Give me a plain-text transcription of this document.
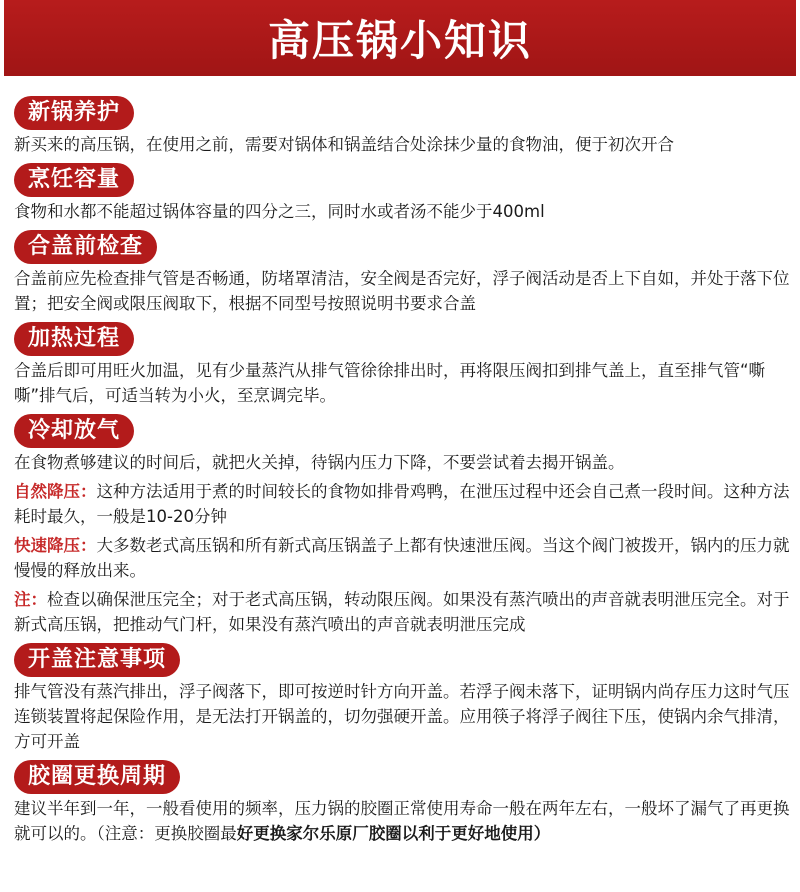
高压锅小知识
新锅养护

新买来的高压锅，在使用之前，需要对锅体和锅盖结合处涂抹少量的食物油，便于初次开合

烹饪容量

食物和水都不能超过锅体容量的四分之三，同时水或者汤不能少于400ml

合盖前检查

合盖前应先检查排气管是否畅通，防堵罩清洁，安全阀是否完好，浮子阀活动是否上下自如，并处于落下位置；把安全阀或限压阀取下，根据不同型号按照说明书要求合盖

加热过程

合盖后即可用旺火加温，见有少量蒸汽从排气管徐徐排出时，再将限压阀扣到排气盖上，直至排气管“嘶嘶”排气后，可适当转为小火，至烹调完毕。

冷却放气

在食物煮够建议的时间后，就把火关掉，待锅内压力下降，不要尝试着去揭开锅盖。

自然降压：这种方法适用于煮的时间较长的食物如排骨鸡鸭，在泄压过程中还会自己煮一段时间。这种方法耗时最久，一般是10-20分钟

快速降压：大多数老式高压锅和所有新式高压锅盖子上都有快速泄压阀。当这个阀门被拨开，锅内的压力就慢慢的释放出来。

注：检查以确保泄压完全；对于老式高压锅，转动限压阀。如果没有蒸汽喷出的声音就表明泄压完全。对于新式高压锅，把推动气门杆，如果没有蒸汽喷出的声音就表明泄压完成

开盖注意事项

排气管没有蒸汽排出，浮子阀落下，即可按逆时针方向开盖。若浮子阀未落下，证明锅内尚存压力这时气压连锁装置将起保险作用，是无法打开锅盖的，切勿强硬开盖。应用筷子将浮子阀往下压，使锅内余气排清，方可开盖

胶圈更换周期

建议半年到一年，一般看使用的频率，压力锅的胶圈正常使用寿命一般在两年左右，一般坏了漏气了再更换就可以的。（注意：更换胶圈最好更换家尔乐原厂胶圈以利于更好地使用）
